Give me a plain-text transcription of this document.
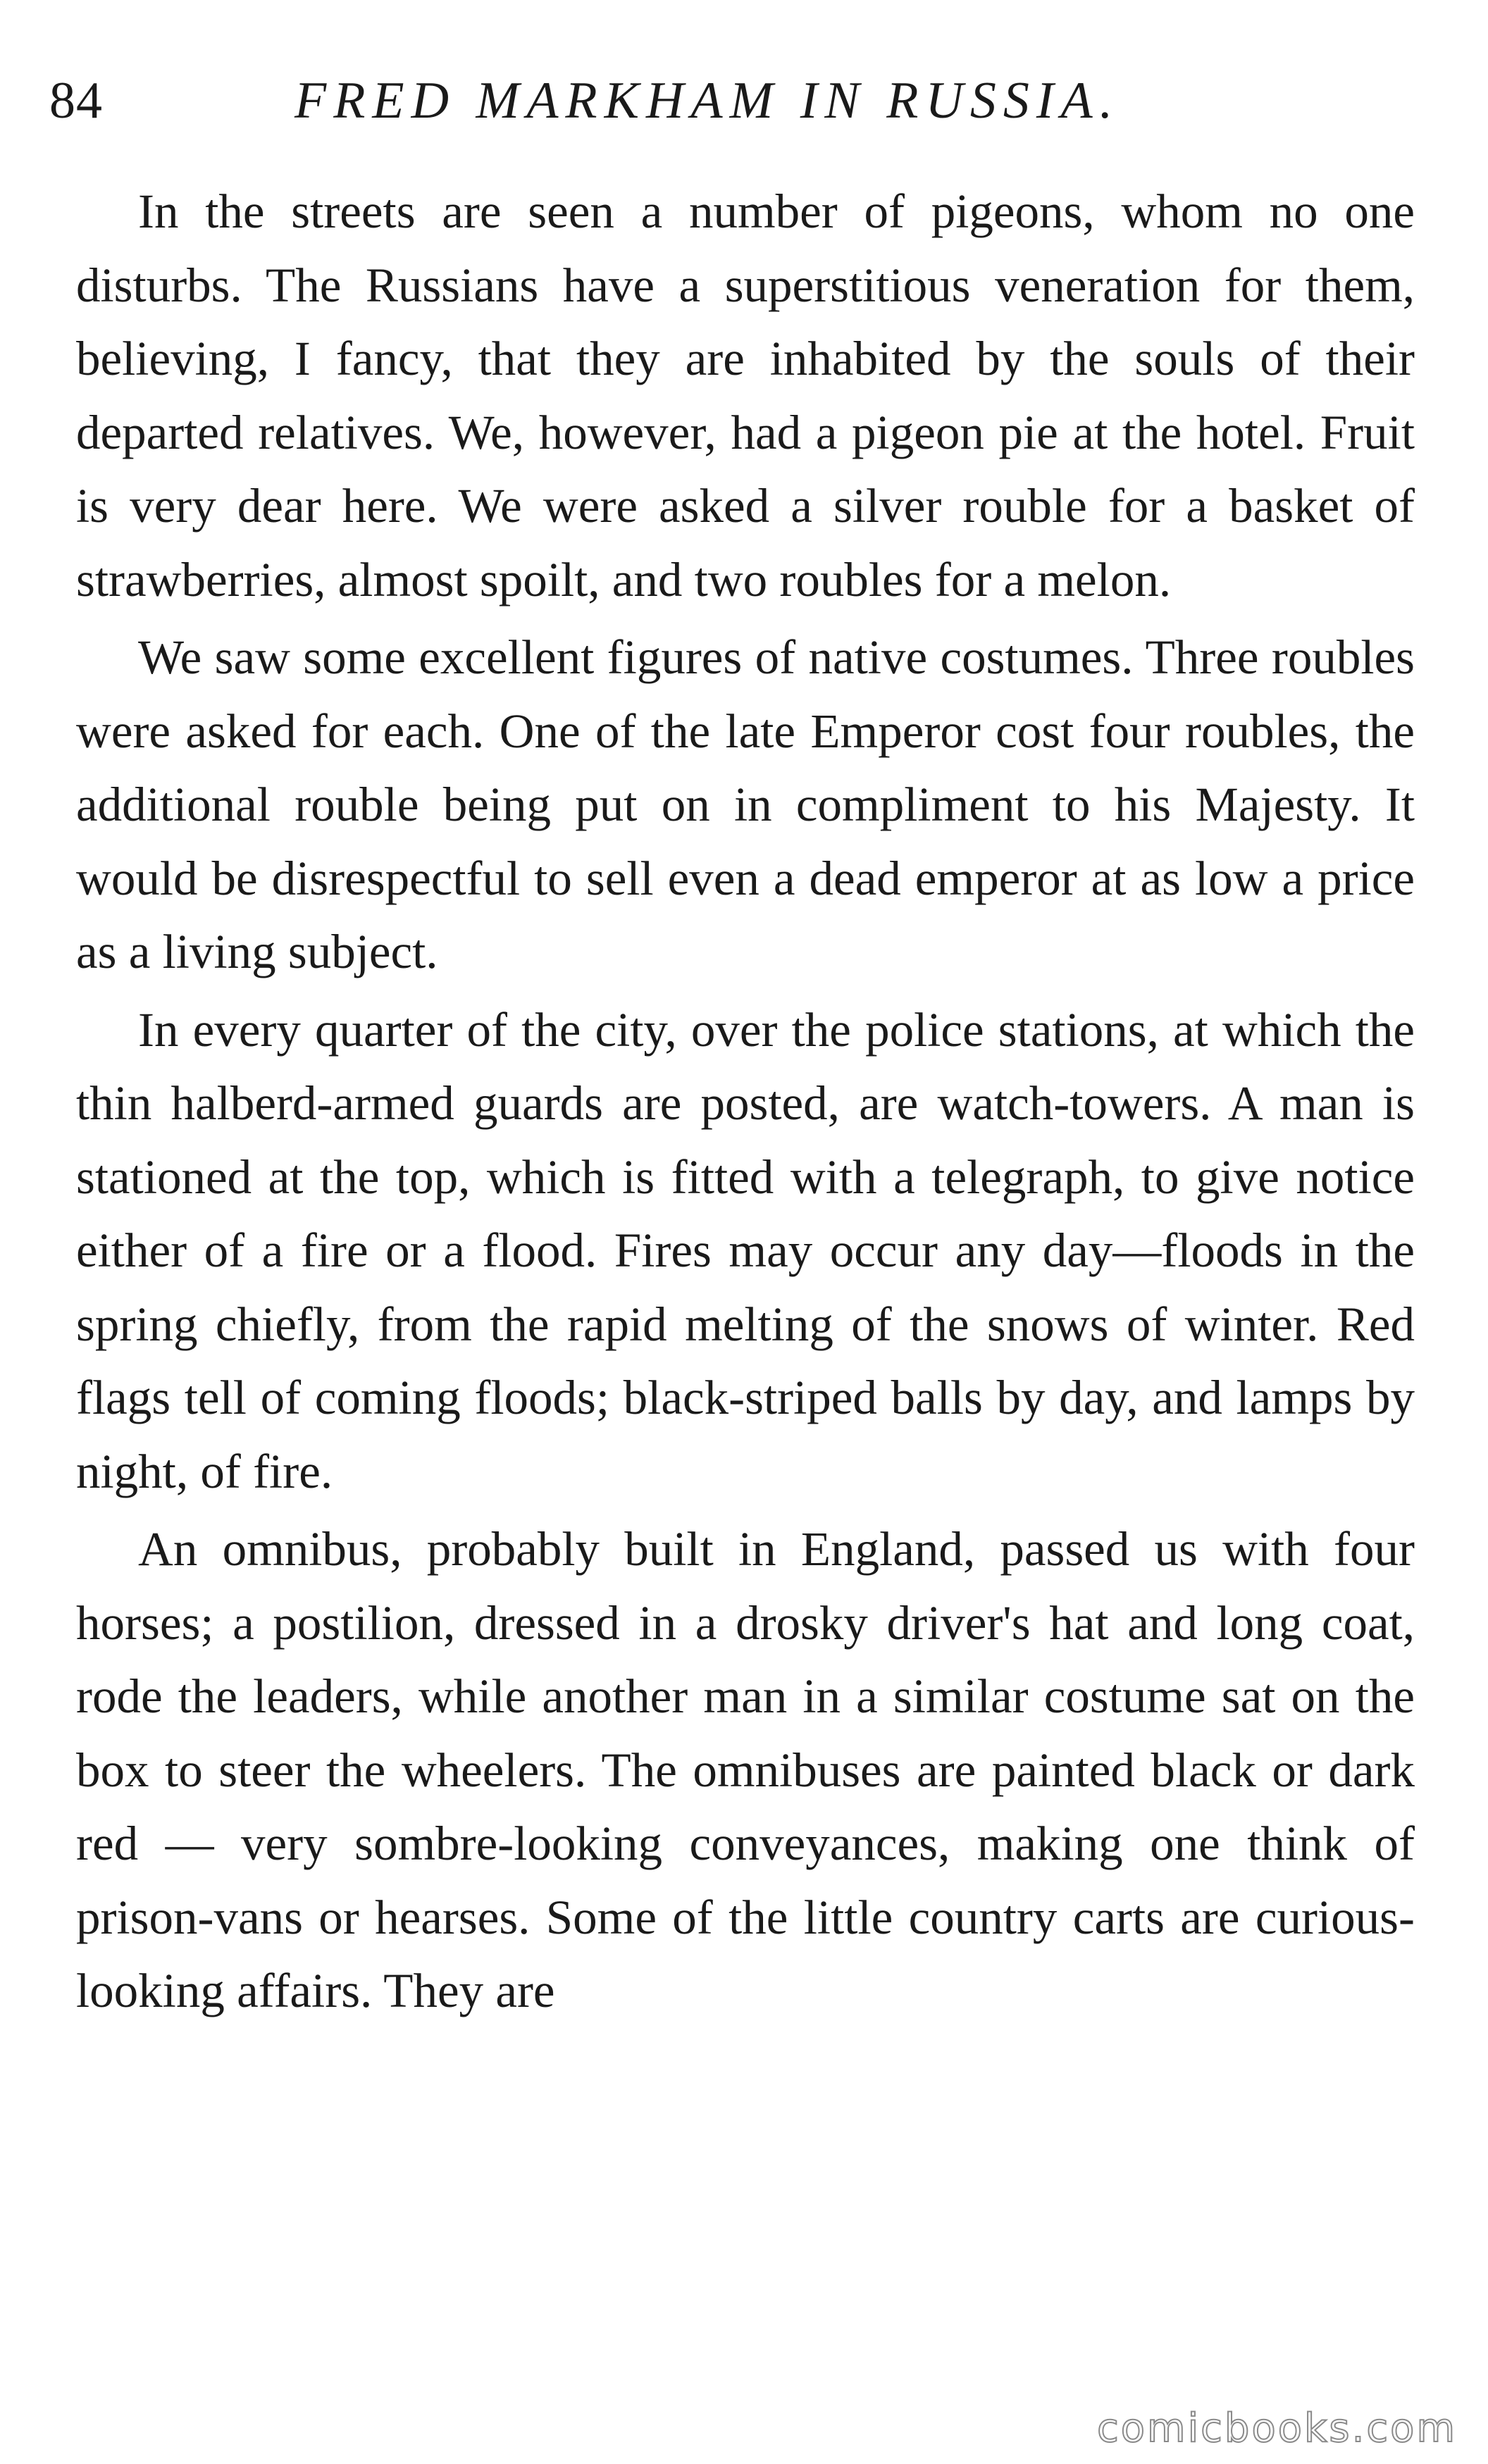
84	FRED MARKHAM IN RUSSIA.

In the streets are seen a number of pigeons, whom no one disturbs. The Russians have a superstitious veneration for them, believing, I fancy, that they are inhabited by the souls of their departed relatives. We, however, had a pigeon pie at the hotel. Fruit is very dear here. We were asked a silver rouble for a basket of strawberries, almost spoilt, and two roubles for a melon.

We saw some excellent figures of native costumes. Three roubles were asked for each. One of the late Emperor cost four roubles, the additional rouble being put on in compliment to his Majesty. It would be disrespectful to sell even a dead emperor at as low a price as a living subject.

In every quarter of the city, over the police stations, at which the thin halberd-armed guards are posted, are watch-towers. A man is stationed at the top, which is fitted with a telegraph, to give notice either of a fire or a flood. Fires may occur any day—floods in the spring chiefly, from the rapid melting of the snows of winter. Red flags tell of coming floods; black-striped balls by day, and lamps by night, of fire.

An omnibus, probably built in England, passed us with four horses; a postilion, dressed in a drosky driver's hat and long coat, rode the leaders, while another man in a similar costume sat on the box to steer the wheelers. The omnibuses are painted black or dark red — very sombre-looking conveyances, making one think of prison-vans or hearses. Some of the little country carts are curious-looking affairs. They are

comicbooks.com
